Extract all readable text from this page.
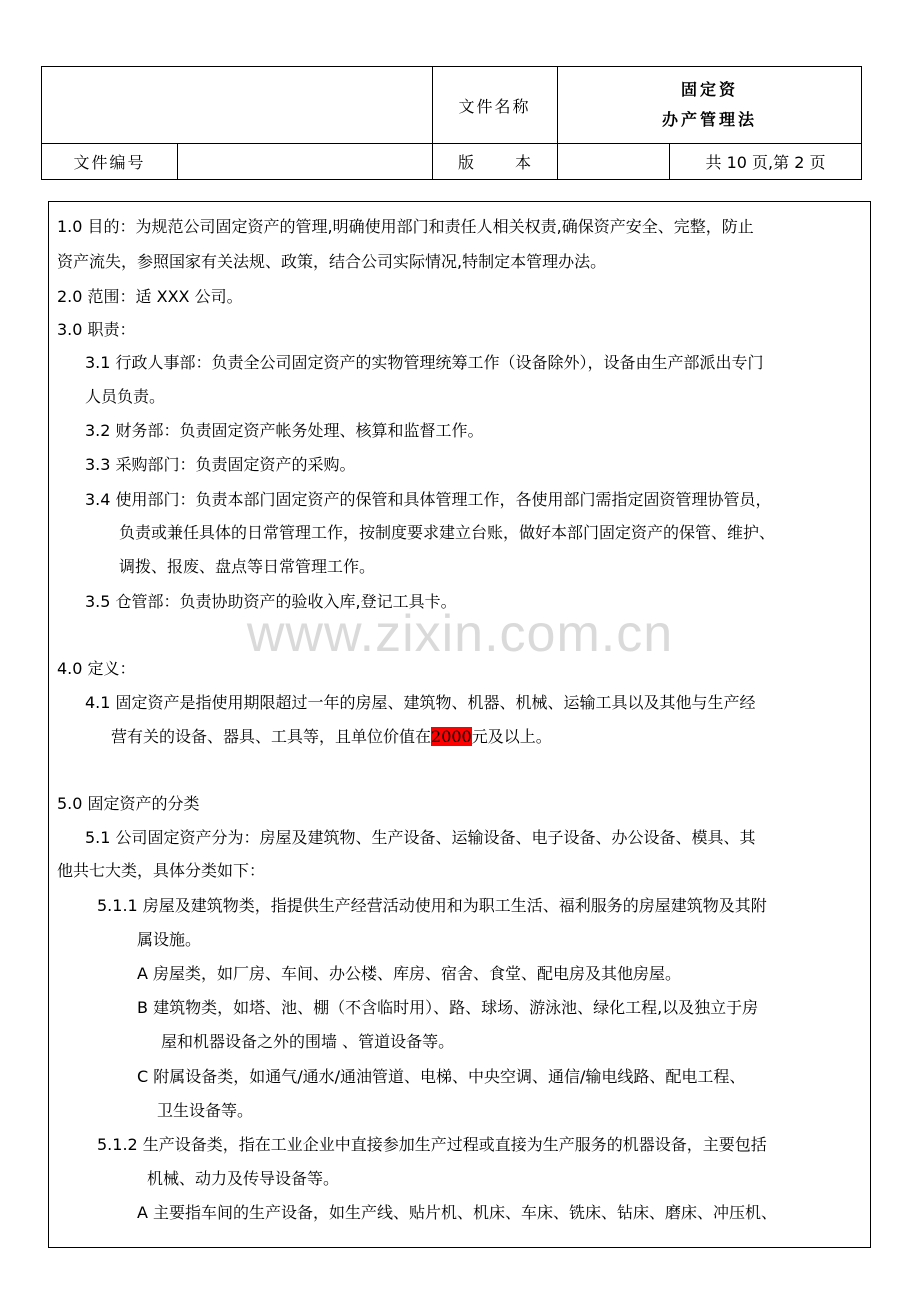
文件名称
固定资
办产管理法
文件编号	版 本	共 10 页,第 2 页
1.0 目的：为规范公司固定资产的管理,明确使用部门和责任人相关权责,确保资产安全、完整，防止
资产流失，参照国家有关法规、政策，结合公司实际情况,特制定本管理办法。
2.0 范围：适 XXX 公司。
3.0 职责：
3.1 行政人事部：负责全公司固定资产的实物管理统筹工作（设备除外），设备由生产部派出专门
人员负责。
3.2 财务部：负责固定资产帐务处理、核算和监督工作。
3.3 采购部门：负责固定资产的采购。
3.4 使用部门：负责本部门固定资产的保管和具体管理工作，各使用部门需指定固资管理协管员，
负责或兼任具体的日常管理工作，按制度要求建立台账，做好本部门固定资产的保管、维护、
调拨、报废、盘点等日常管理工作。
3.5 仓管部：负责协助资产的验收入库,登记工具卡。
4.0 定义：
4.1 固定资产是指使用期限超过一年的房屋、建筑物、机器、机械、运输工具以及其他与生产经
营有关的设备、器具、工具等，且单位价值在2000元及以上。
5.0 固定资产的分类
5.1 公司固定资产分为：房屋及建筑物、生产设备、运输设备、电子设备、办公设备、模具、其
他共七大类，具体分类如下：
5.1.1 房屋及建筑物类，指提供生产经营活动使用和为职工生活、福利服务的房屋建筑物及其附
属设施。
A 房屋类，如厂房、车间、办公楼、库房、宿舍、食堂、配电房及其他房屋。
B 建筑物类，如塔、池、棚（不含临时用）、路、球场、游泳池、绿化工程,以及独立于房
屋和机器设备之外的围墙 、管道设备等。
C 附属设备类，如通气/通水/通油管道、电梯、中央空调、通信/输电线路、配电工程、
卫生设备等。
5.1.2 生产设备类，指在工业企业中直接参加生产过程或直接为生产服务的机器设备，主要包括
机械、动力及传导设备等。
A 主要指车间的生产设备，如生产线、贴片机、机床、车床、铣床、钻床、磨床、冲压机、
www.zixin.com.cn
